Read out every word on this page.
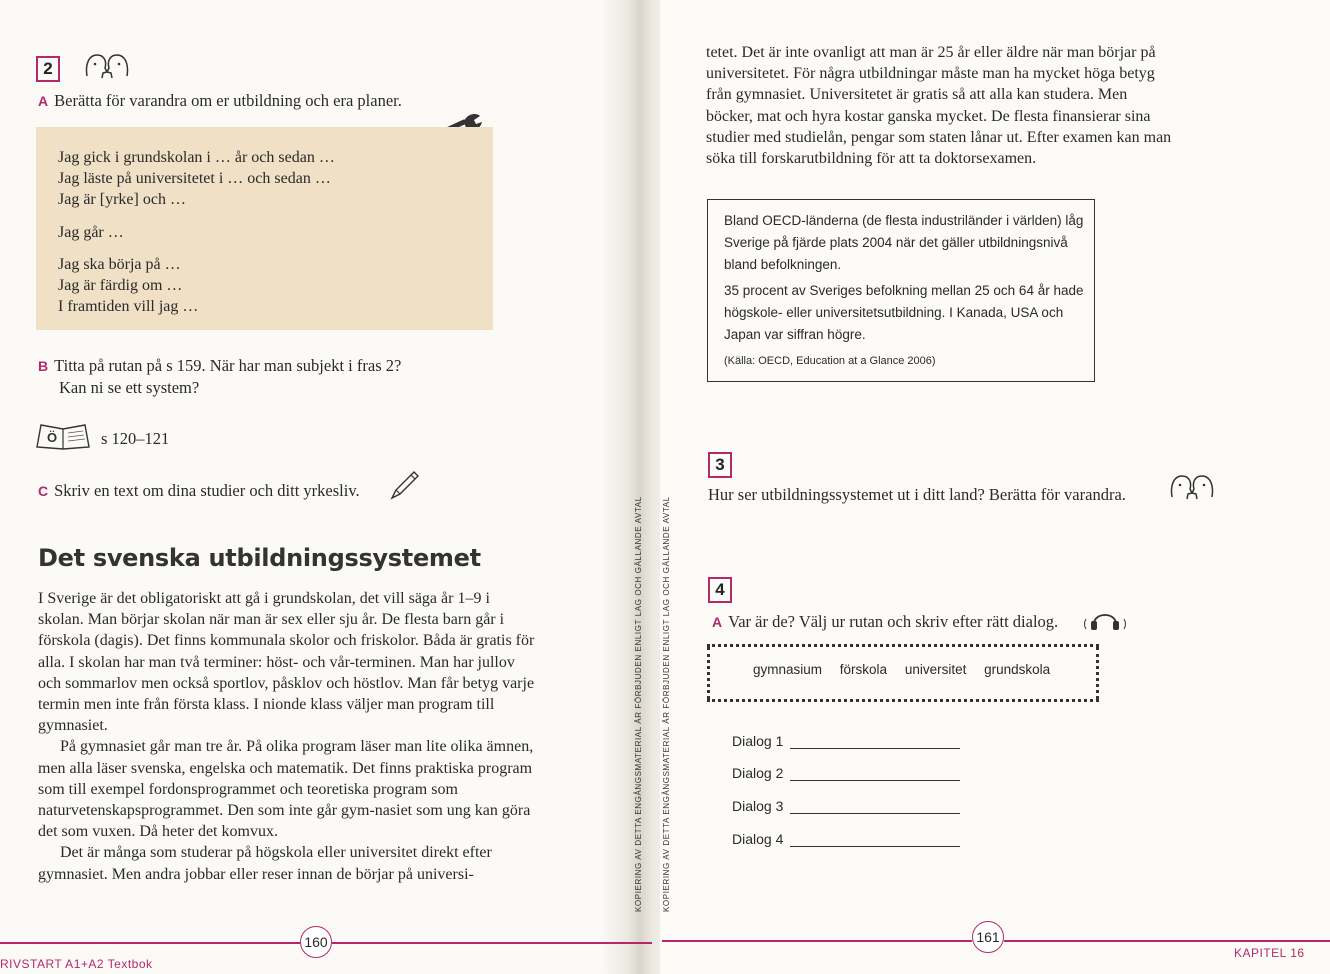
2
A Berätta för varandra om er utbildning och era planer.
Jag gick i grundskolan i … år och sedan …
Jag läste på universitetet i … och sedan …
Jag är [yrke] och …
Jag går …
Jag ska börja på …
Jag är färdig om …
I framtiden vill jag …
B Titta på rutan på s 159. När har man subjekt i fras 2?
Kan ni se ett system?
Ö	s 120–121
C Skriv en text om dina studier och ditt yrkesliv.
Det svenska utbildningssystemet

I Sverige är det obligatoriskt att gå i grundskolan, det vill säga år 1–9 i skolan. Man börjar skolan när man är sex eller sju år. De flesta barn går i förskola (dagis). Det finns kommunala skolor och friskolor. Båda är gratis för alla. I skolan har man två terminer: höst- och vår-terminen. Man har jullov och sommarlov men också sportlov, påsklov och höstlov. Man får betyg varje termin men inte från första klass. I nionde klass väljer man program till gymnasiet.

På gymnasiet går man tre år. På olika program läser man lite olika ämnen, men alla läser svenska, engelska och matematik. Det finns praktiska program som till exempel fordonsprogrammet och teoretiska program som naturvetenskapsprogrammet. Den som inte går gym-nasiet som ung kan göra det som vuxen. Då heter det komvux.

Det är många som studerar på högskola eller universitet direkt efter gymnasiet. Men andra jobbar eller reser innan de börjar på universi-	KOPIERING AV DETTA ENGÅNGSMATERIAL ÄR FÖRBJUDEN ENLIGT LAG OCH GÄLLANDE AVTAL KOPIERING AV DETTA ENGÅNGSMATERIAL ÄR FÖRBJUDEN ENLIGT LAG OCH GÄLLANDE AVTAL
tetet. Det är inte ovanligt att man är 25 år eller äldre när man börjar på universitetet. För några utbildningar måste man ha mycket höga betyg från gymnasiet. Universitetet är gratis så att alla kan studera. Men böcker, mat och hyra kostar ganska mycket. De flesta finansierar sina studier med studielån, pengar som staten lånar ut. Efter examen kan man söka till forskarutbildning för att ta doktorsexamen.

Bland OECD-länderna (de flesta industriländer i världen) låg Sverige på fjärde plats 2004 när det gäller utbildningsnivå bland befolkningen.

35 procent av Sveriges befolkning mellan 25 och 64 år hade högskole- eller universitetsutbildning. I Kanada, USA och Japan var siffran högre.

(Källa: OECD, Education at a Glance 2006)

3
Hur ser utbildningssystemet ut i ditt land? Berätta för varandra.
4
A Var är de? Välj ur rutan och skriv efter rätt dialog.
gymnasium förskola universitet grundskola
Dialog 1
Dialog 2
Dialog 3
Dialog 4
160	161
RIVSTART A1+A2 Textbok
KAPITEL 16
